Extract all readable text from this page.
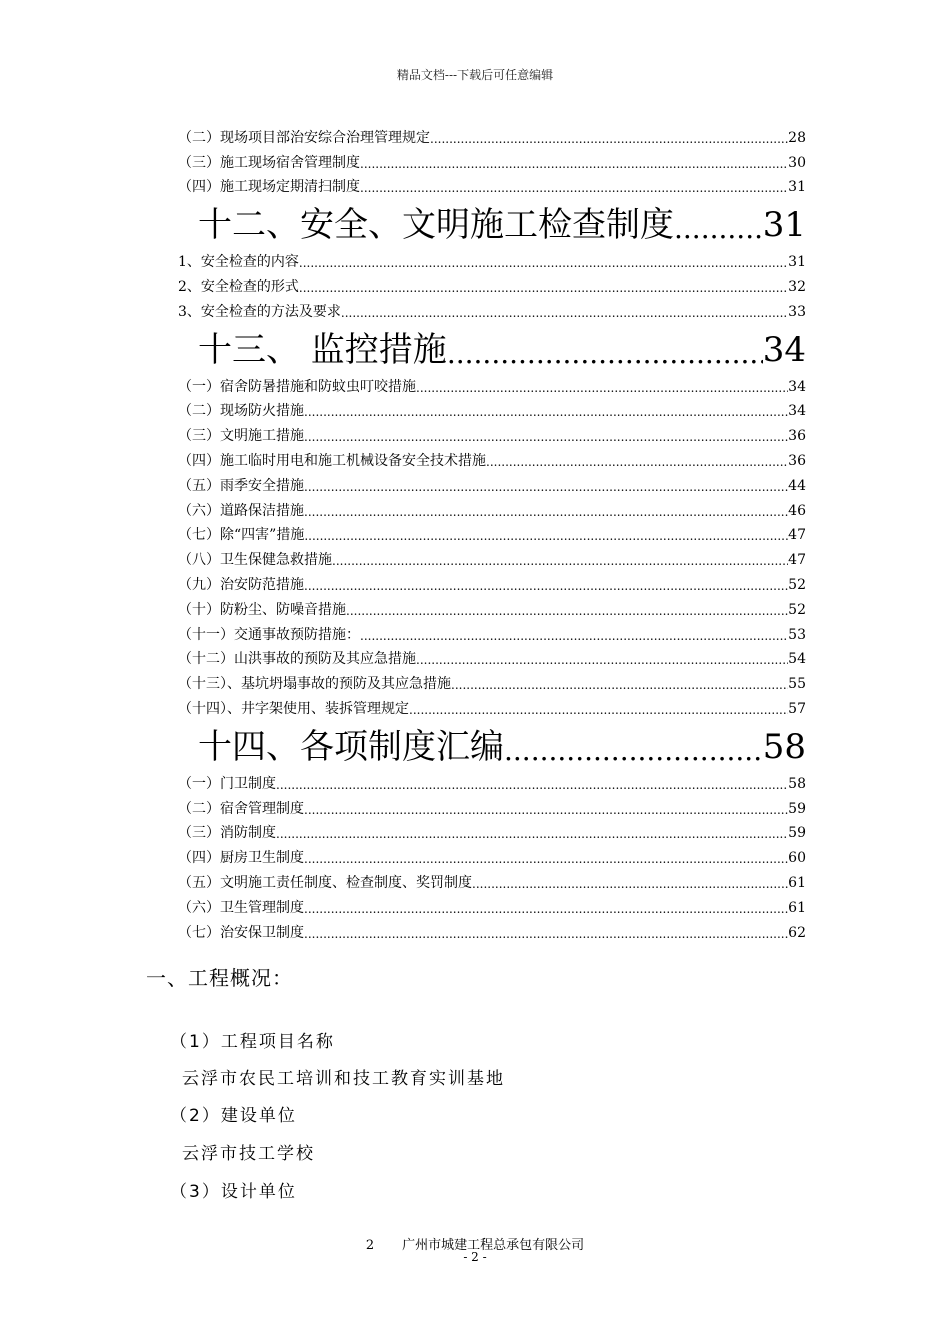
精品文档---下载后可任意编辑
（二）现场项目部治安综合治理管理规定 .....	28
（三）施工现场宿舍管理制度 .....	30
（四）施工现场定期清扫制度 .....	31
十二、安全、文明施工检查制度 .....	31
1、安全检查的内容 .....	31
2、安全检查的形式 .....	32
3、安全检查的方法及要求 .....	33
十三、 监控措施 .....	34
（一）宿舍防暑措施和防蚊虫叮咬措施 .....	34
（二）现场防火措施 .....	34
（三）文明施工措施 .....	36
（四）施工临时用电和施工机械设备安全技术措施 .....	36
（五）雨季安全措施 .....	44
（六）道路保洁措施 .....	46
（七）除“四害”措施 .....	47
（八）卫生保健急救措施 .....	47
（九）治安防范措施 .....	52
（十）防粉尘、防噪音措施 .....	52
（十一）交通事故预防措施： .....	53
（十二）山洪事故的预防及其应急措施 .....	54
（十三）、基坑坍塌事故的预防及其应急措施 .....	55
（十四）、井字架使用、装拆管理规定 .....	57
十四、各项制度汇编 .....	58
（一）门卫制度 .....	58
（二）宿舍管理制度 .....	59
（三）消防制度 .....	59
（四）厨房卫生制度 .....	60
（五）文明施工责任制度、检查制度、奖罚制度 .....	61
（六）卫生管理制度 .....	61
（七）治安保卫制度 .....	62
一、工程概况：
（1）工程项目名称
云浮市农民工培训和技工教育实训基地
（2）建设单位
云浮市技工学校
（3）设计单位
2 广州市城建工程总承包有限公司
- 2 -
